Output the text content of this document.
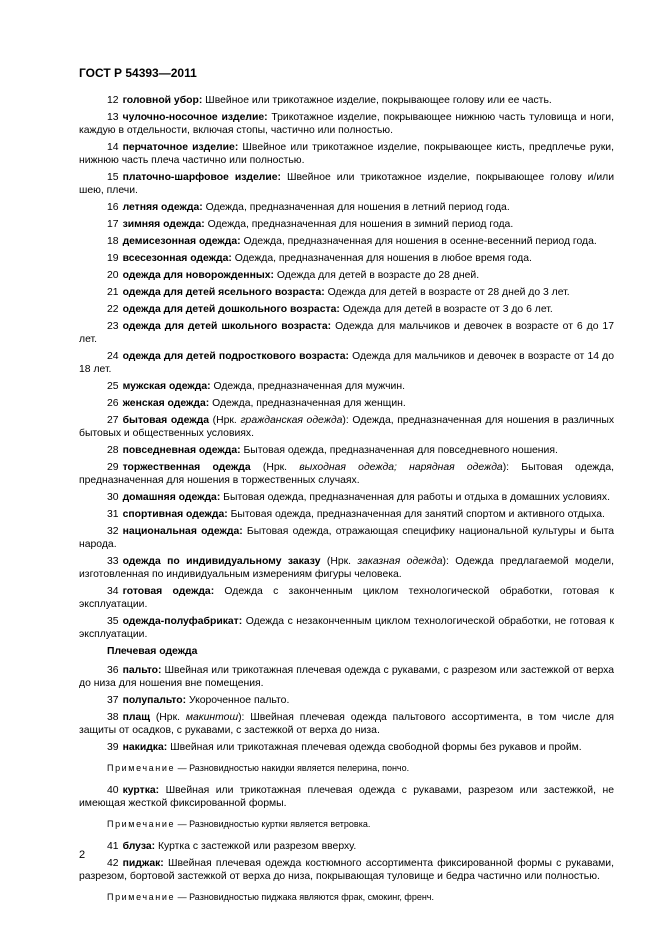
ГОСТ Р 54393—2011

12 головной убор: Швейное или трикотажное изделие, покрывающее голову или ее часть.

13 чулочно-носочное изделие: Трикотажное изделие, покрывающее нижнюю часть туловища и ноги, каждую в отдельности, включая стопы, частично или полностью.

14 перчаточное изделие: Швейное или трикотажное изделие, покрывающее кисть, предплечье руки, нижнюю часть плеча частично или полностью.

15 платочно-шарфовое изделие: Швейное или трикотажное изделие, покрывающее голову и/или шею, плечи.

16 летняя одежда: Одежда, предназначенная для ношения в летний период года.

17 зимняя одежда: Одежда, предназначенная для ношения в зимний период года.

18 демисезонная одежда: Одежда, предназначенная для ношения в осенне-весенний период года.

19 всесезонная одежда: Одежда, предназначенная для ношения в любое время года.

20 одежда для новорожденных: Одежда для детей в возрасте до 28 дней.

21 одежда для детей ясельного возраста: Одежда для детей в возрасте от 28 дней до 3 лет.

22 одежда для детей дошкольного возраста: Одежда для детей в возрасте от 3 до 6 лет.

23 одежда для детей школьного возраста: Одежда для мальчиков и девочек в возрасте от 6 до 17 лет.

24 одежда для детей подросткового возраста: Одежда для мальчиков и девочек в возрасте от 14 до 18 лет.

25 мужская одежда: Одежда, предназначенная для мужчин.

26 женская одежда: Одежда, предназначенная для женщин.

27 бытовая одежда (Нрк. гражданская одежда): Одежда, предназначенная для ношения в различных бытовых и общественных условиях.

28 повседневная одежда: Бытовая одежда, предназначенная для повседневного ношения.

29 торжественная одежда (Нрк. выходная одежда; нарядная одежда): Бытовая одежда, предназначенная для ношения в торжественных случаях.

30 домашняя одежда: Бытовая одежда, предназначенная для работы и отдыха в домашних условиях.

31 спортивная одежда: Бытовая одежда, предназначенная для занятий спортом и активного отдыха.

32 национальная одежда: Бытовая одежда, отражающая специфику национальной культуры и быта народа.

33 одежда по индивидуальному заказу (Нрк. заказная одежда): Одежда предлагаемой модели, изготовленная по индивидуальным измерениям фигуры человека.

34 готовая одежда: Одежда с законченным циклом технологической обработки, готовая к эксплуатации.

35 одежда-полуфабрикат: Одежда с незаконченным циклом технологической обработки, не готовая к эксплуатации.

Плечевая одежда

36 пальто: Швейная или трикотажная плечевая одежда с рукавами, с разрезом или застежкой от верха до низа для ношения вне помещения.

37 полупальто: Укороченное пальто.

38 плащ (Нрк. макинтош): Швейная плечевая одежда пальтового ассортимента, в том числе для защиты от осадков, с рукавами, с застежкой от верха до низа.

39 накидка: Швейная или трикотажная плечевая одежда свободной формы без рукавов и пройм.

Примечание — Разновидностью накидки является пелерина, пончо.

40 куртка: Швейная или трикотажная плечевая одежда с рукавами, разрезом или застежкой, не имеющая жесткой фиксированной формы.

Примечание — Разновидностью куртки является ветровка.

41 блуза: Куртка с застежкой или разрезом вверху.

42 пиджак: Швейная плечевая одежда костюмного ассортимента фиксированной формы с рукавами, разрезом, бортовой застежкой от верха до низа, покрывающая туловище и бедра частично или полностью.

Примечание — Разновидностью пиджака являются фрак, смокинг, френч.

2
